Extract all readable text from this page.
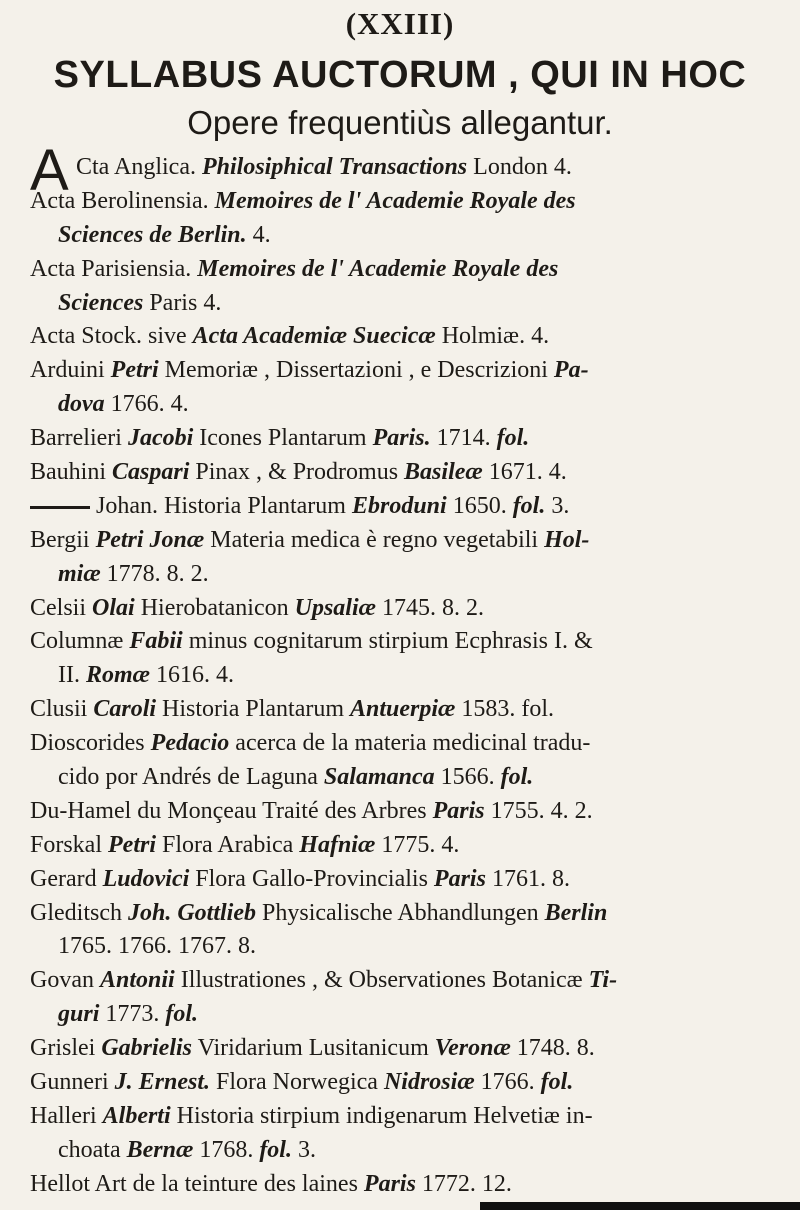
(XXIII)
SYLLABUS AUCTORUM , QUI IN HOC
Opere frequentiùs allegantur.
A Cta Anglica. Philosiphical Transactions London 4.
Acta Berolinensia. Memoires de l' Academie Royale des
Sciences de Berlin. 4.
Acta Parisiensia. Memoires de l' Academie Royale des
Sciences Paris 4.
Acta Stock. sive Acta Academiæ Suecicæ Holmiæ. 4.
Arduini Petri Memoriæ , Dissertazioni , e Descrizioni Pa-
dova 1766. 4.
Barrelieri Jacobi Icones Plantarum Paris. 1714. fol.
Bauhini Caspari Pinax , & Prodromus Basileæ 1671. 4.
Johan. Historia Plantarum Ebroduni 1650. fol. 3.
Bergii Petri Jonæ Materia medica è regno vegetabili Hol-
miæ 1778. 8. 2.
Celsii Olai Hierobatanicon Upsaliæ 1745. 8. 2.
Columnæ Fabii minus cognitarum stirpium Ecphrasis I. &
II. Romæ 1616. 4.
Clusii Caroli Historia Plantarum Antuerpiæ 1583. fol.
Dioscorides Pedacio acerca de la materia medicinal tradu-
cido por Andrés de Laguna Salamanca 1566. fol.
Du-Hamel du Monçeau Traité des Arbres Paris 1755. 4. 2.
Forskal Petri Flora Arabica Hafniæ 1775. 4.
Gerard Ludovici Flora Gallo-Provincialis Paris 1761. 8.
Gleditsch Joh. Gottlieb Physicalische Abhandlungen Berlin
1765. 1766. 1767. 8.
Govan Antonii Illustrationes , & Observationes Botanicæ Ti-
guri 1773. fol.
Grislei Gabrielis Viridarium Lusitanicum Veronæ 1748. 8.
Gunneri J. Ernest. Flora Norwegica Nidrosiæ 1766. fol.
Halleri Alberti Historia stirpium indigenarum Helvetiæ in-
choata Bernæ 1768. fol. 3.
Hellot Art de la teinture des laines Paris 1772. 12.
